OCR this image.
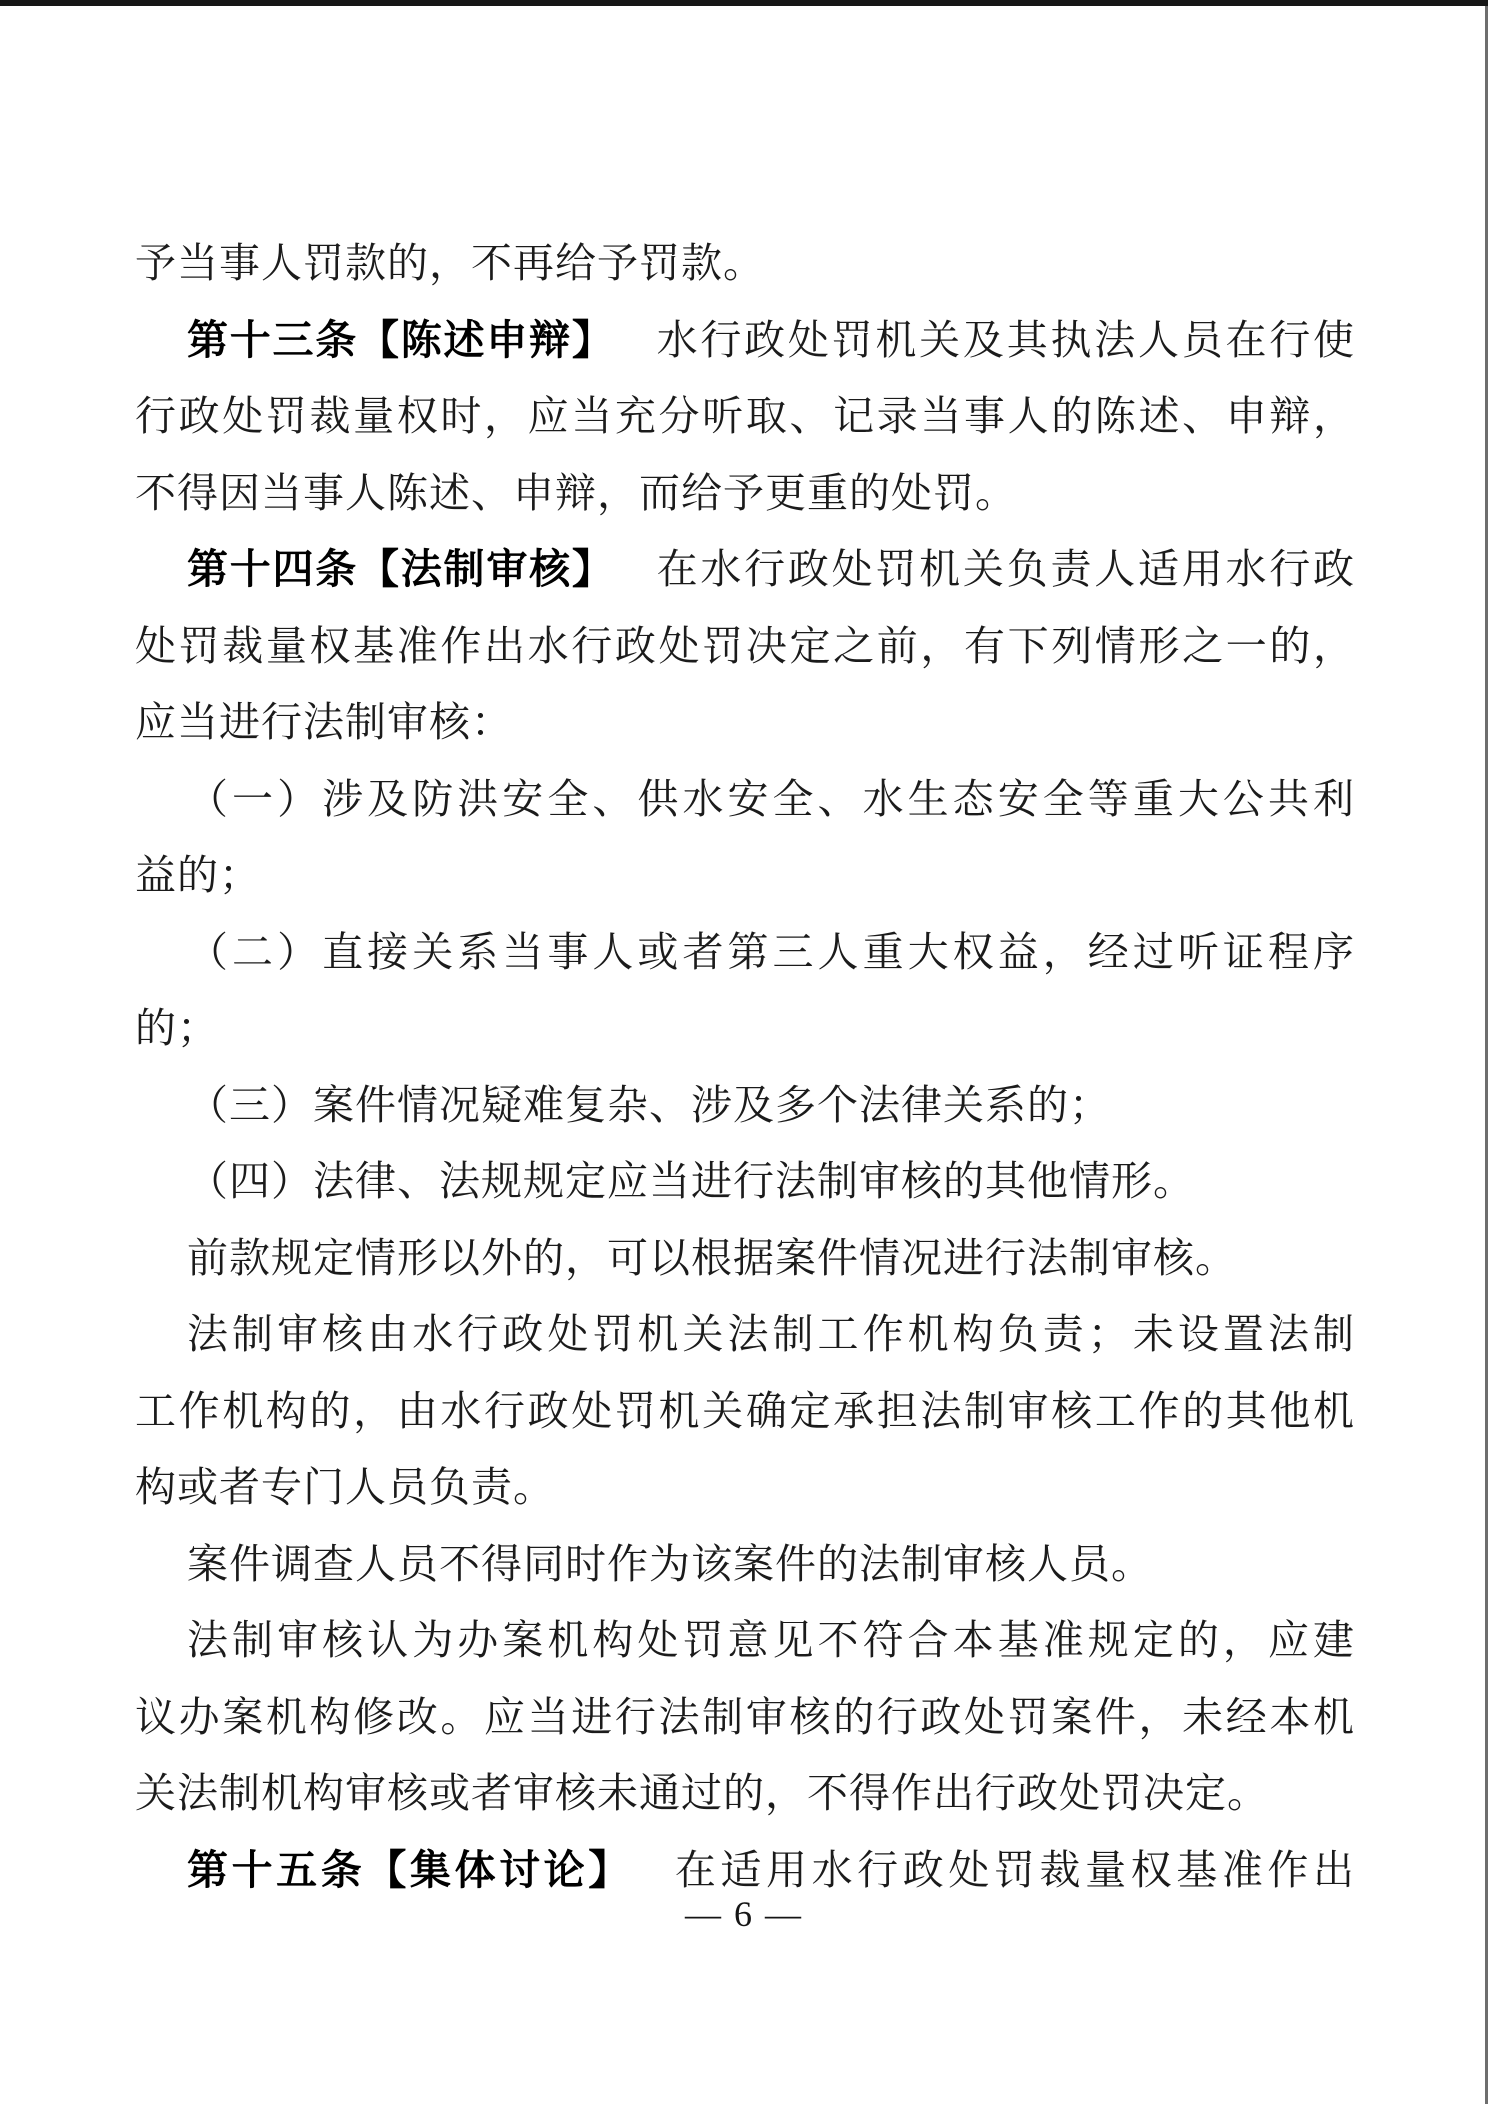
予当事人罚款的，不再给予罚款。

第十三条【陈述申辩】 水行政处罚机关及其执法人员在行使

行政处罚裁量权时，应当充分听取、记录当事人的陈述、申辩，

不得因当事人陈述、申辩，而给予更重的处罚。

第十四条【法制审核】 在水行政处罚机关负责人适用水行政

处罚裁量权基准作出水行政处罚决定之前，有下列情形之一的，

应当进行法制审核：

（一）涉及防洪安全、供水安全、水生态安全等重大公共利

益的；

（二）直接关系当事人或者第三人重大权益，经过听证程序

的；

（三）案件情况疑难复杂、涉及多个法律关系的；

（四）法律、法规规定应当进行法制审核的其他情形。

前款规定情形以外的，可以根据案件情况进行法制审核。

法制审核由水行政处罚机关法制工作机构负责；未设置法制

工作机构的，由水行政处罚机关确定承担法制审核工作的其他机

构或者专门人员负责。

案件调查人员不得同时作为该案件的法制审核人员。

法制审核认为办案机构处罚意见不符合本基准规定的，应建

议办案机构修改。应当进行法制审核的行政处罚案件，未经本机

关法制机构审核或者审核未通过的，不得作出行政处罚决定。

第十五条【集体讨论】 在适用水行政处罚裁量权基准作出

— 6 —
